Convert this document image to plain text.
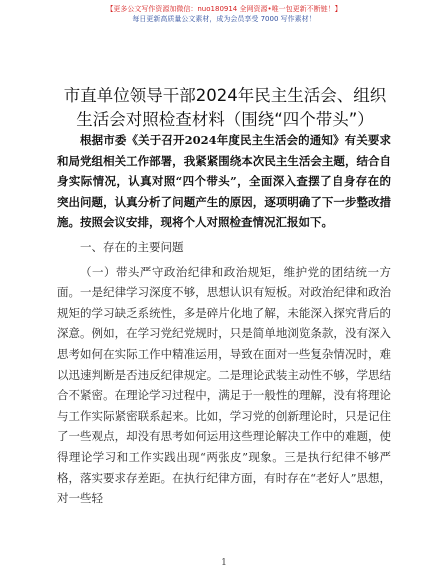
【更多公文写作资源加微信：nuo180914 全网资源•唯一包更新不断链！】
每日更新高质量公文素材，成为会员享受 7000 写作素材！
市直单位领导干部2024年民主生活会、组织生活会对照检查材料（围绕“四个带头”）

根据市委《关于召开2024年度民主生活会的通知》有关要求和局党组相关工作部署，我紧紧围绕本次民主生活会主题，结合自身实际情况，认真对照“四个带头”，全面深入查摆了自身存在的突出问题，认真分析了问题产生的原因，逐项明确了下一步整改措施。按照会议安排，现将个人对照检查情况汇报如下。

一、存在的主要问题

（一）带头严守政治纪律和政治规矩，维护党的团结统一方面。一是纪律学习深度不够，思想认识有短板。对政治纪律和政治规矩的学习缺乏系统性，多是碎片化地了解，未能深入探究背后的深意。例如，在学习党纪党规时，只是简单地浏览条款，没有深入思考如何在实际工作中精准运用，导致在面对一些复杂情况时，难以迅速判断是否违反纪律规定。二是理论武装主动性不够，学思结合不紧密。在理论学习过程中，满足于一般性的理解，没有将理论与工作实际紧密联系起来。比如，学习党的创新理论时，只是记住了一些观点，却没有思考如何运用这些理论解决工作中的难题，使得理论学习和工作实践出现“两张皮”现象。三是执行纪律不够严格，落实要求存差距。在执行纪律方面，有时存在“老好人”思想，对一些轻

1
